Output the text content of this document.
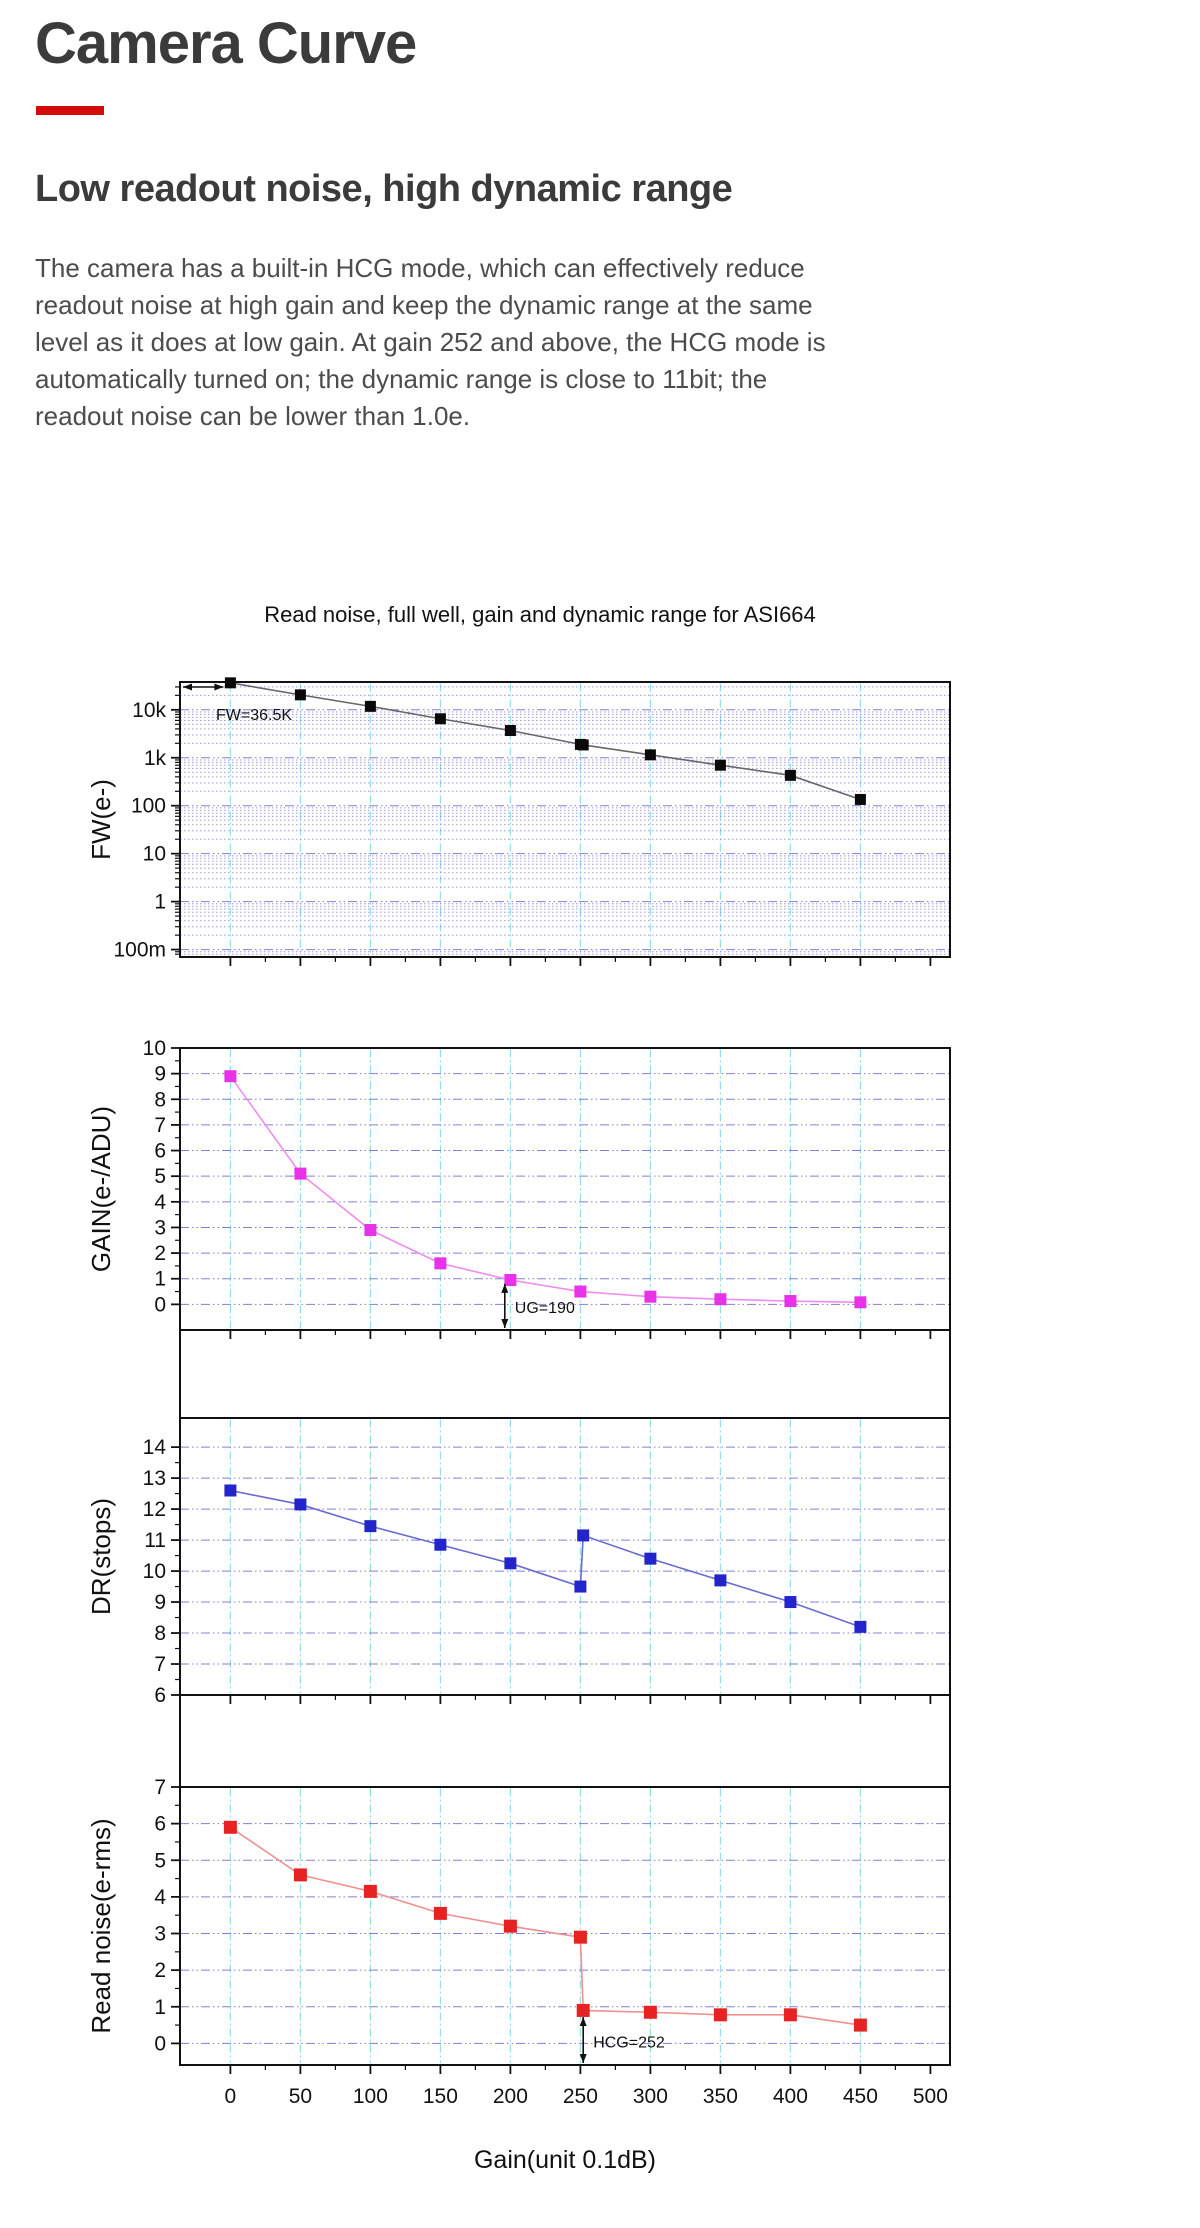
Camera Curve
Low readout noise, high dynamic range
The camera has a built-in HCG mode, which can effectively reduce
readout noise at high gain and keep the dynamic range at the same
level as it does at low gain. At gain 252 and above, the HCG mode is
automatically turned on; the dynamic range is close to 11bit; the
readout noise can be lower than 1.0e.
Read noise, full well, gain and dynamic range for ASI664
10k
1k
100
10
1
100m
FW(e-)
FW=36.5K
0
1
2
3
4
5
6
7
8
9
10
GAIN(e-/ADU)
UG=190
6
7
8
9
10
11
12
13
14
DR(stops)
0
1
2
3
4
5
6
7
Read noise(e-rms)
HCG=252
0 50 100 150 200 250 300 350 400 450 500
Gain(unit 0.1dB)
